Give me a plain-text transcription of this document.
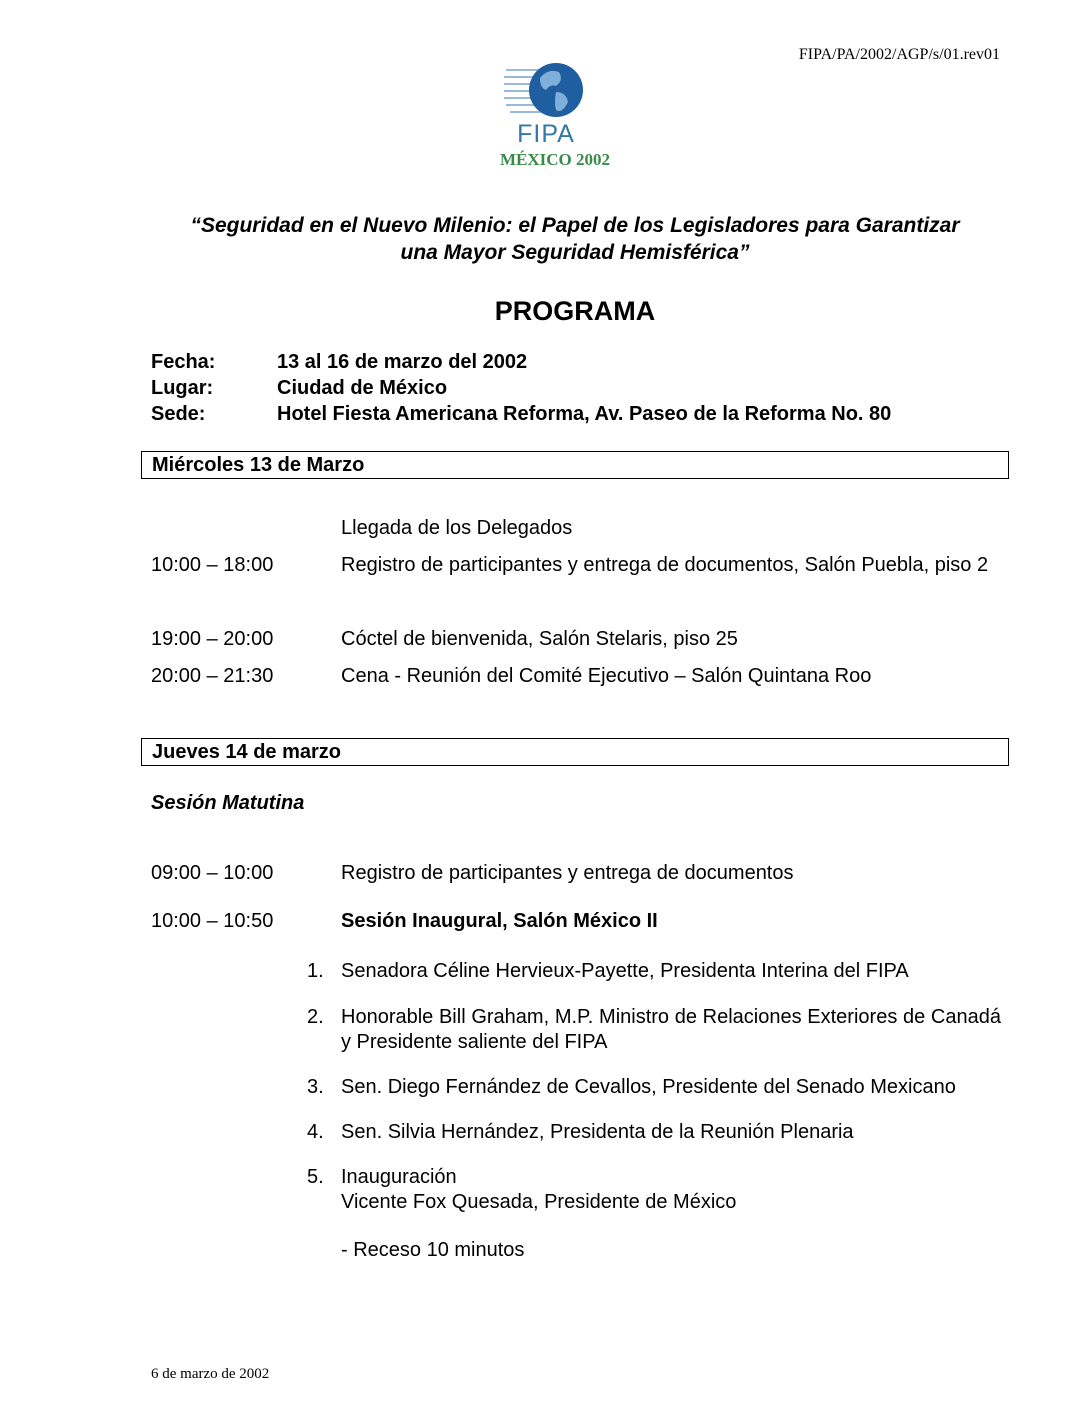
FIPA/PA/2002/AGP/s/01.rev01
FIPA
MÉXICO 2002
“Seguridad en el Nuevo Milenio: el Papel de los Legisladores para Garantizar
una Mayor Seguridad Hemisférica”
PROGRAMA
Fecha:	13 al 16 de marzo del 2002
Lugar:	Ciudad de México
Sede:	Hotel Fiesta Americana Reforma, Av. Paseo de la Reforma No. 80
Miércoles 13 de Marzo
Llegada de los Delegados
10:00 – 18:00	Registro de participantes y entrega de documentos, Salón Puebla, piso 2
19:00 – 20:00	Cóctel de bienvenida, Salón Stelaris, piso 25
20:00 – 21:30	Cena - Reunión del Comité Ejecutivo – Salón Quintana Roo
Jueves 14 de marzo
Sesión Matutina
09:00 – 10:00	Registro de participantes y entrega de documentos
10:00 – 10:50	Sesión Inaugural, Salón México II
1. Senadora Céline Hervieux-Payette, Presidenta Interina del FIPA
2. Honorable Bill Graham, M.P. Ministro de Relaciones Exteriores de Canadá y Presidente saliente del FIPA
3. Sen. Diego Fernández de Cevallos, Presidente del Senado Mexicano
4. Sen. Silvia Hernández, Presidenta de la Reunión Plenaria
5. Inauguración
Vicente Fox Quesada, Presidente de México
- Receso 10 minutos
6 de marzo de 2002
